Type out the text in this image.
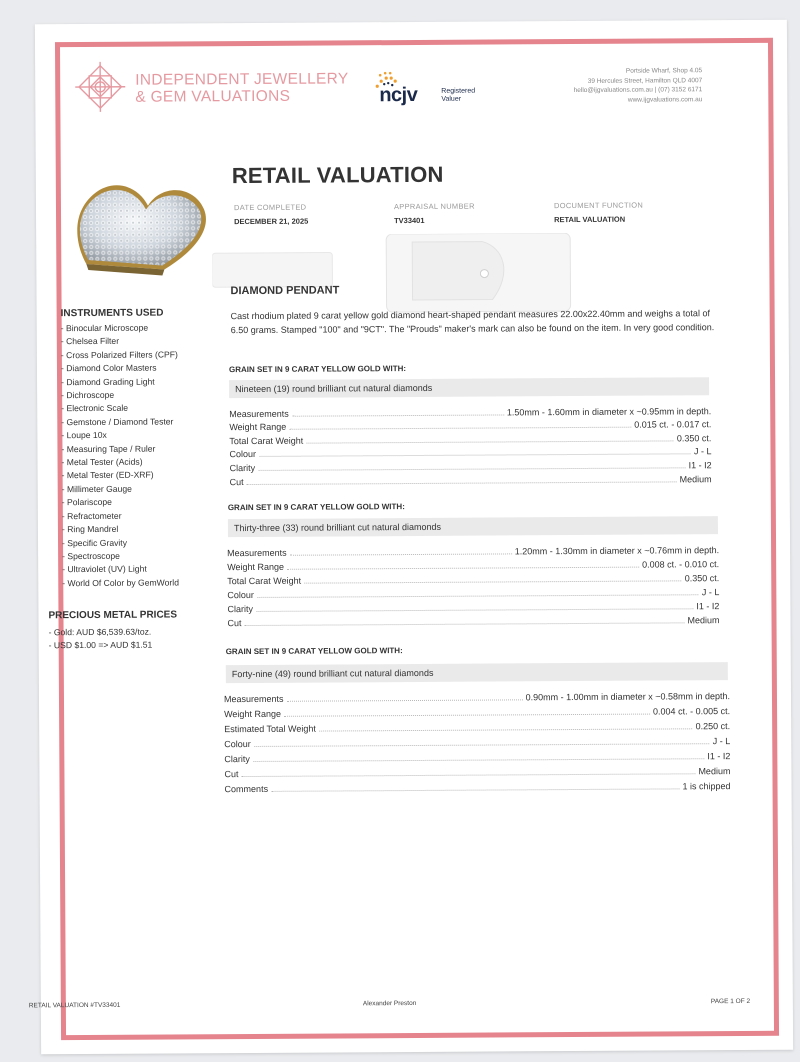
INDEPENDENT JEWELLERY
& GEM VALUATIONS	ncjv	Registered
Valuer
Portside Wharf, Shop 4.05
39 Hercules Street, Hamilton QLD 4007
hello@ijgvaluations.com.au | (07) 3152 6171
www.ijgvaluations.com.au
RETAIL VALUATION
DATE COMPLETED
DECEMBER 21, 2025
APPRAISAL NUMBER
TV33401
DOCUMENT FUNCTION
RETAIL VALUATION
DIAMOND PENDANT
Cast rhodium plated 9 carat yellow gold diamond heart-shaped pendant measures 22.00x22.40mm and weighs a total of 6.50 grams. Stamped "100" and "9CT". The "Prouds" maker's mark can also be found on the item. In very good condition.
GRAIN SET IN 9 CARAT YELLOW GOLD WITH:
Nineteen (19) round brilliant cut natural diamonds
Measurements	1.50mm - 1.60mm in diameter x ~0.95mm in depth.
Weight Range	0.015 ct. - 0.017 ct.
Total Carat Weight	0.350 ct.
Colour	J - L
Clarity	I1 - I2
Cut	Medium
GRAIN SET IN 9 CARAT YELLOW GOLD WITH:
Thirty-three (33) round brilliant cut natural diamonds
Measurements	1.20mm - 1.30mm in diameter x ~0.76mm in depth.
Weight Range	0.008 ct. - 0.010 ct.
Total Carat Weight	0.350 ct.
Colour	J - L
Clarity	I1 - I2
Cut	Medium
GRAIN SET IN 9 CARAT YELLOW GOLD WITH:
Forty-nine (49) round brilliant cut natural diamonds
Measurements	0.90mm - 1.00mm in diameter x ~0.58mm in depth.
Weight Range	0.004 ct. - 0.005 ct.
Estimated Total Weight	0.250 ct.
Colour	J - L
Clarity	I1 - I2
Cut	Medium
Comments	1 is chipped
INSTRUMENTS USED
- Binocular Microscope
- Chelsea Filter
- Cross Polarized Filters (CPF)
- Diamond Color Masters
- Diamond Grading Light
- Dichroscope
- Electronic Scale
- Gemstone / Diamond Tester
- Loupe 10x
- Measuring Tape / Ruler
- Metal Tester (Acids)
- Metal Tester (ED-XRF)
- Millimeter Gauge
- Polariscope
- Refractometer
- Ring Mandrel
- Specific Gravity
- Spectroscope
- Ultraviolet (UV) Light
- World Of Color by GemWorld
PRECIOUS METAL PRICES
- Gold: AUD $6,539.63/toz.
- USD $1.00 => AUD $1.51
RETAIL VALUATION #TV33401	Alexander Preston	PAGE 1 OF 2
